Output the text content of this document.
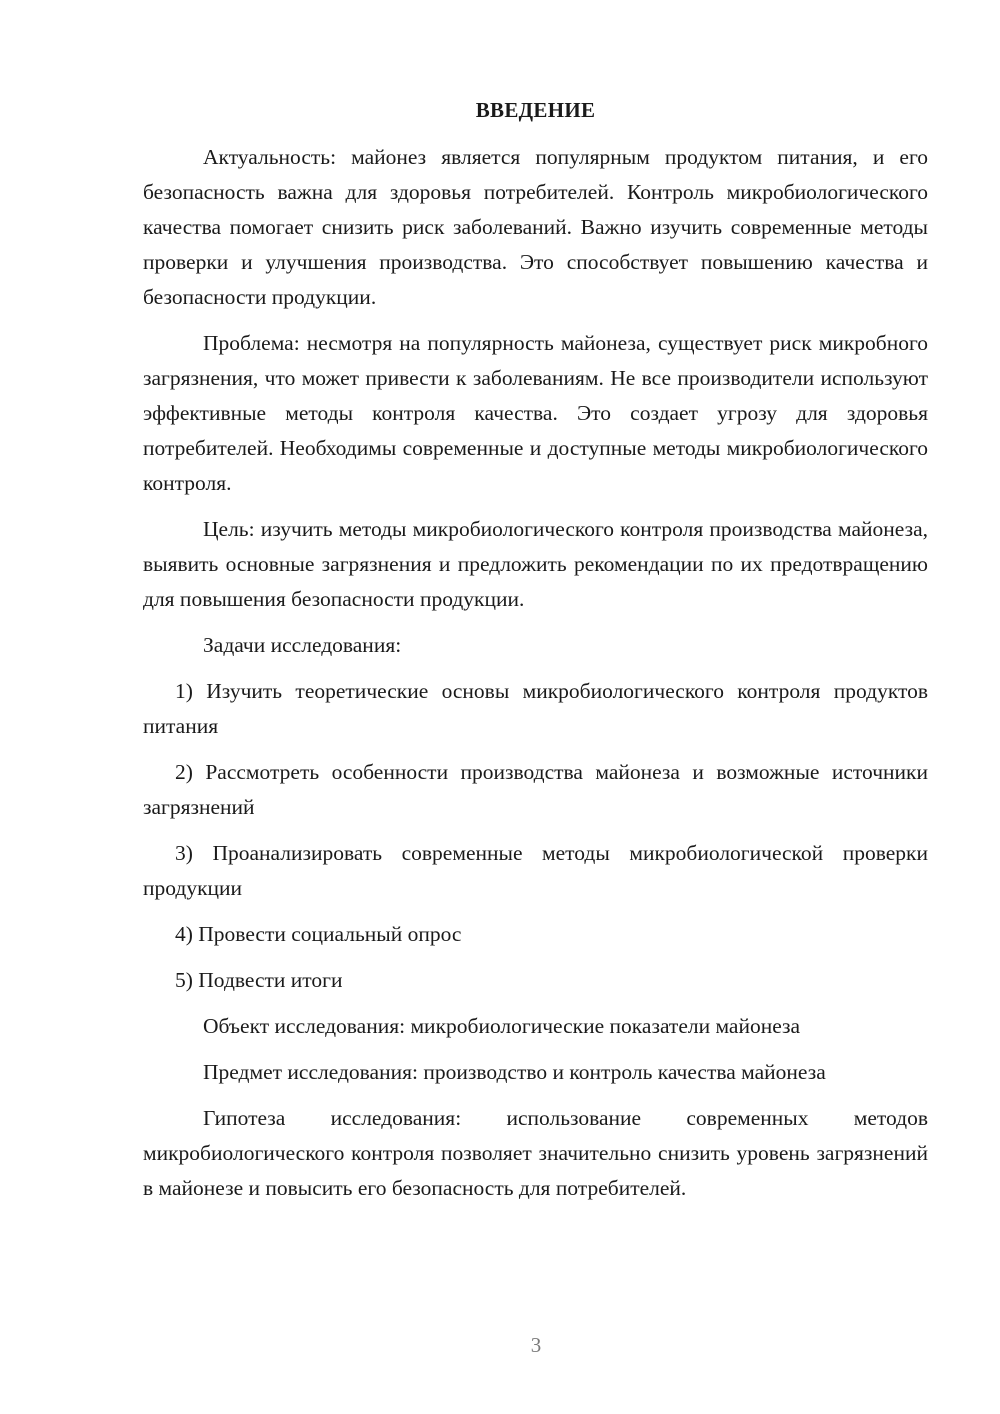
ВВЕДЕНИЕ

Актуальность: майонез является популярным продуктом питания, и его безопасность важна для здоровья потребителей. Контроль микробиологического качества помогает снизить риск заболеваний. Важно изучить современные методы проверки и улучшения производства. Это способствует повышению качества и безопасности продукции.

Проблема: несмотря на популярность майонеза, существует риск микробного загрязнения, что может привести к заболеваниям. Не все производители используют эффективные методы контроля качества. Это создает угрозу для здоровья потребителей. Необходимы современные и доступные методы микробиологического контроля.

Цель: изучить методы микробиологического контроля производства майонеза, выявить основные загрязнения и предложить рекомендации по их предотвращению для повышения безопасности продукции.

Задачи исследования:

1) Изучить теоретические основы микробиологического контроля продуктов питания

2) Рассмотреть особенности производства майонеза и возможные источники загрязнений

3) Проанализировать современные методы микробиологической проверки продукции

4) Провести социальный опрос

5) Подвести итоги

Объект исследования: микробиологические показатели майонеза

Предмет исследования: производство и контроль качества майонеза

Гипотеза исследования: использование современных методов микробиологического контроля позволяет значительно снизить уровень загрязнений в майонезе и повысить его безопасность для потребителей.

3
